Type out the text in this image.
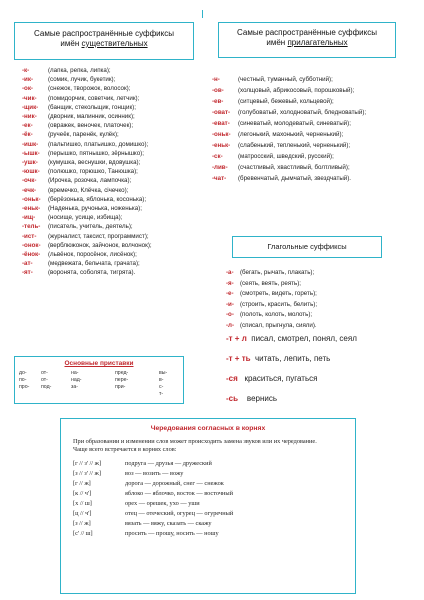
Самые распространённые суффиксы
имён существительных
Самые распространённые суффиксы
имён прилагательных
-к-	(лапка, репка, липка);
-ик-	(сомик, лучик, букетик);
-ок-	(снежок, творожок, волосок);
-чик-	(помидорчик, советчик, летчик);
-щик-	(банщик, стекольщик, гонщик);
-ник-	(дворник, малинник, осинник);
-ек-	(овражек, веночек, платочек);
-ёк-	(ручеёк, паренёк, кулёк);
-ишк-	(пальтишко, платьишко, домишко);
-ышк-	(перышко, пятнышко, зёрнышко);
-ушк-	(кумушка, веснушки, вдовушка);
-юшк-	(полюшко, горюшко, Танюшка);
-очк-	(Ирочка, розочка, лампочка);
-ечк-	(времечко, Клёчка, січечко);
-оньк-	(берёзонька, яблонька, косонька);
-еньк-	(Наденька, ручонька, ноженька);
-ищ-	(носище, усище, избища);
-тель-	(писатель, учитель, деятель);
-ист-	(журналист, таксист, программист);
-онок-	(верблюжонок, зайчонок, волчонок);
-ёнок-	(львёнок, поросёнок, лисёнок);
-ат-	(медвежата, бельчата, грачата);
-ят-	(воронята, соболята, тигрята).
-н-	(честный, туманный, субботний);
-ов-	(холщовый, абрикосовый, порошковый);
-ев-	(ситцевый, бежевый, кольцевой);
-оват-	(голубоватый, холодноватый, бледноватый);
-еват-	(синеватый, молодеватый, синеватый);
-оньк-	(легонький, махонький, черненький);
-еньк-	(слабенький, тепленький, черненький);
-ск-	(матросский, шведский, русский);
-лив-	(счастливый, хвастливый, болтливый);
-чат-	(бревенчатый, дымчатый, звездчатый).
Основные приставки
до-	от-	на-	пред-	вы-
по-	от-	над-	пере-	в-
про-	под-	за-	при-	с-
т-
Глагольные суффиксы
-а-	(бегать, рычать, плакать);
-я-	(сеять, веять, реять);
-е-	(смотреть, видеть, гореть);
-и- (строить, красить, белить);
-о- (полоть, колоть, молоть);
-л- (списал, прыгнула, сияли).
-т + л писал, смотрел, понял, сеял
-т + ть читать, лепить, петь
-ся краситься, пугаться
-сь вернись
Чередования согласных в корнях
При образовании и изменении слов может происходить замена звуков или их чередование.
Чаще всего встречается в корнях слов:
[г // з' // ж]	подруга — друзья — дружеский
[з // з' // ж]	воз — возить — вожу
[г // ж]	дорога — дорожный, снег — снежок
[к // ч']	яблоко — яблочко, восток — восточный
[х // ш]	орех — орешек, ухо — уши
[ц // ч']	отец — отеческий, огурец — огуречный
[з // ж]	вязать — вяжу, сказать — скажу
[с' // ш]	просить — прошу, носить — ношу
